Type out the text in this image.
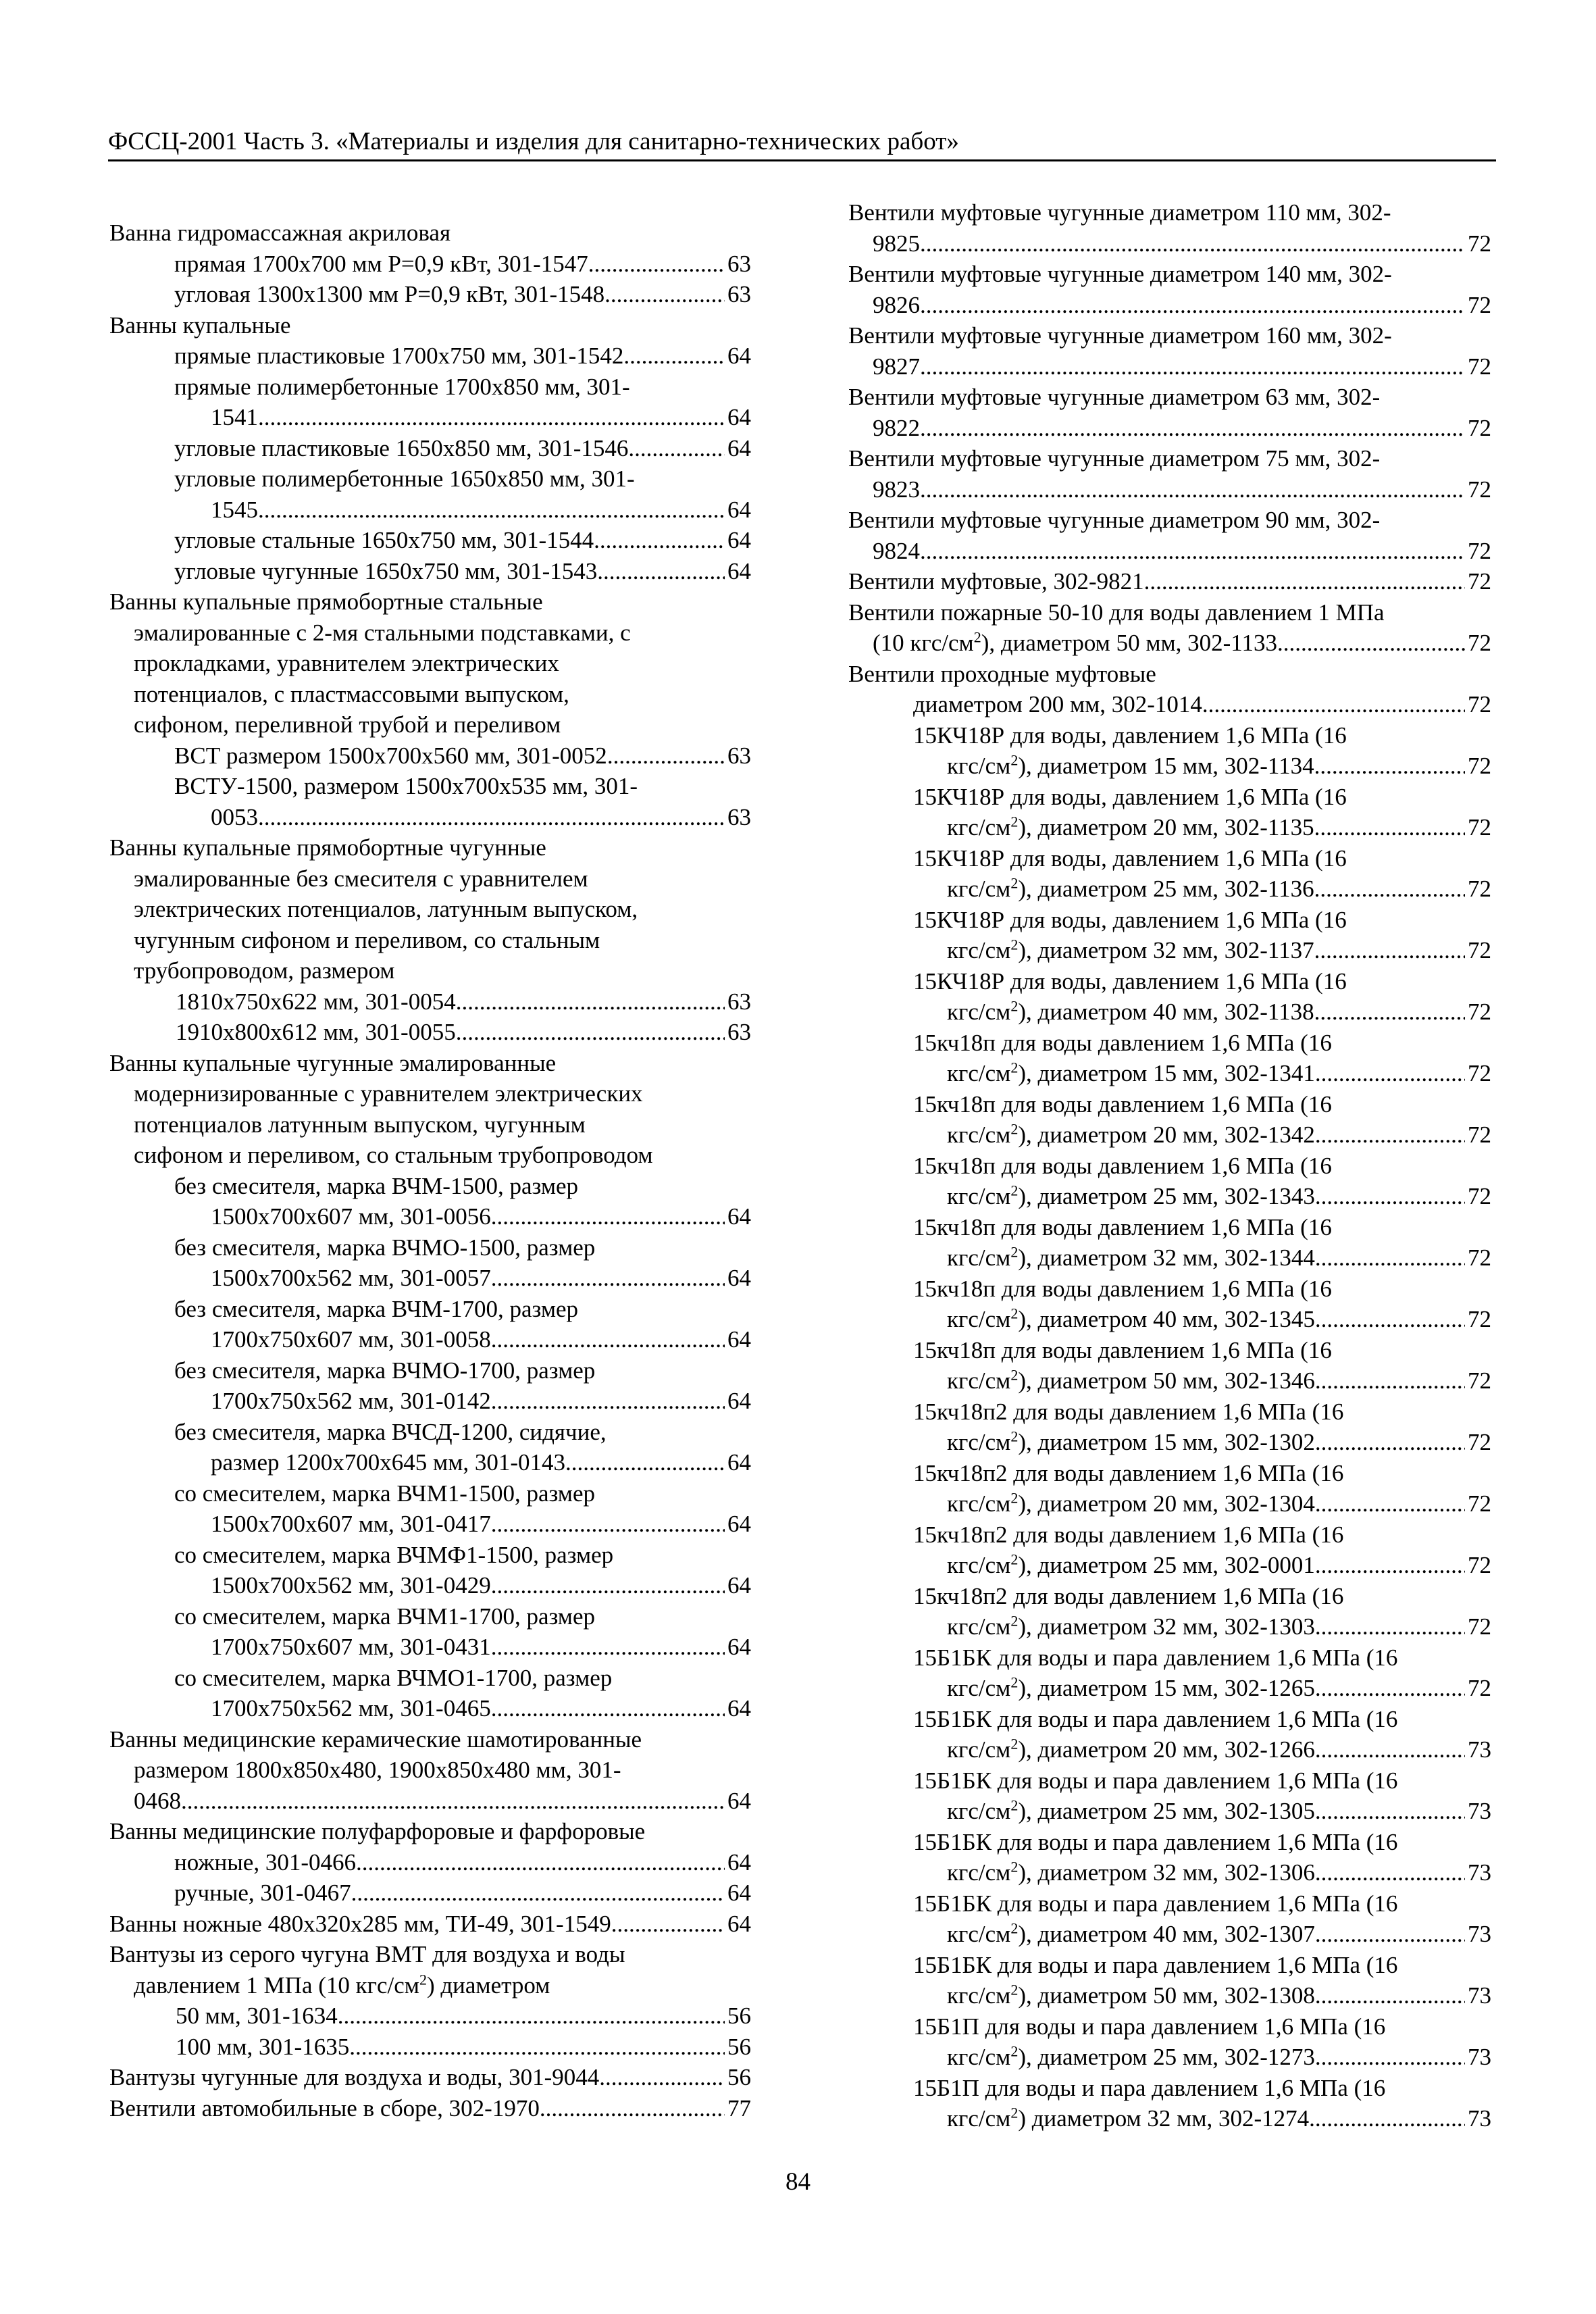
ФССЦ-2001 Часть 3. «Материалы и изделия для санитарно-технических работ»
Ванна гидромассажная акриловая
прямая 1700х700 мм Р=0,9 кВт, 301-1547 .....	63
угловая 1300х1300 мм Р=0,9 кВт, 301-1548 .....	63
Ванны купальные
прямые пластиковые 1700х750 мм, 301-1542 .....	64
прямые полимербетонные 1700х850 мм, 301-
1541 .....	64
угловые пластиковые 1650х850 мм, 301-1546 .....	64
угловые полимербетонные 1650х850 мм, 301-
1545 .....	64
угловые стальные 1650х750 мм, 301-1544 .....	64
угловые чугунные 1650х750 мм, 301-1543 .....	64
Ванны купальные прямобортные стальные
эмалированные с 2-мя стальными подставками, с
прокладками, уравнителем электрических
потенциалов, с пластмассовыми выпуском,
сифоном, переливной трубой и переливом
ВСТ размером 1500х700х560 мм, 301-0052 .....	63
ВСТУ-1500, размером 1500х700х535 мм, 301-
0053 .....	63
Ванны купальные прямобортные чугунные
эмалированные без смесителя с уравнителем
электрических потенциалов, латунным выпуском,
чугунным сифоном и переливом, со стальным
трубопроводом, размером
1810х750х622 мм, 301-0054 .....	63
1910х800х612 мм, 301-0055 .....	63
Ванны купальные чугунные эмалированные
модернизированные с уравнителем электрических
потенциалов латунным выпуском, чугунным
сифоном и переливом, со стальным трубопроводом
без смесителя, марка ВЧМ-1500, размер
1500х700х607 мм, 301-0056 .....	64
без смесителя, марка ВЧМО-1500, размер
1500х700х562 мм, 301-0057 .....	64
без смесителя, марка ВЧМ-1700, размер
1700х750х607 мм, 301-0058 .....	64
без смесителя, марка ВЧМО-1700, размер
1700х750х562 мм, 301-0142 .....	64
без смесителя, марка ВЧСД-1200, сидячие,
размер 1200х700х645 мм, 301-0143 .....	64
со смесителем, марка ВЧМ1-1500, размер
1500х700х607 мм, 301-0417 .....	64
со смесителем, марка ВЧМФ1-1500, размер
1500х700х562 мм, 301-0429 .....	64
со смесителем, марка ВЧМ1-1700, размер
1700х750х607 мм, 301-0431 .....	64
со смесителем, марка ВЧМО1-1700, размер
1700х750х562 мм, 301-0465 .....	64
Ванны медицинские керамические шамотированные
размером 1800х850х480, 1900х850х480 мм, 301-
0468 .....	64
Ванны медицинские полуфарфоровые и фарфоровые
ножные, 301-0466 .....	64
ручные, 301-0467 .....	64
Ванны ножные 480х320х285 мм, ТИ-49, 301-1549 .....	64
Вантузы из серого чугуна ВМТ для воздуха и воды
давлением 1 МПа (10 кгс/$см^2$) диаметром
50 мм, 301-1634 .....	56
100 мм, 301-1635 .....	56
Вантузы чугунные для воздуха и воды, 301-9044 .....	56
Вентили автомобильные в сборе, 302-1970 .....	77
Вентили муфтовые чугунные диаметром 110 мм, 302-
9825 .....	72
Вентили муфтовые чугунные диаметром 140 мм, 302-
9826 .....	72
Вентили муфтовые чугунные диаметром 160 мм, 302-
9827 .....	72
Вентили муфтовые чугунные диаметром 63 мм, 302-
9822 .....	72
Вентили муфтовые чугунные диаметром 75 мм, 302-
9823 .....	72
Вентили муфтовые чугунные диаметром 90 мм, 302-
9824 .....	72
Вентили муфтовые, 302-9821 .....	72
Вентили пожарные 50-10 для воды давлением 1 МПа
(10 кгс/$см^2$), диаметром 50 мм, 302-1133 .....	72
Вентили проходные муфтовые
диаметром 200 мм, 302-1014 .....	72
15КЧ18Р для воды, давлением 1,6 МПа (16
кгс/$см^2$), диаметром 15 мм, 302-1134 .....	72
15КЧ18Р для воды, давлением 1,6 МПа (16
кгс/$см^2$), диаметром 20 мм, 302-1135 .....	72
15КЧ18Р для воды, давлением 1,6 МПа (16
кгс/$см^2$), диаметром 25 мм, 302-1136 .....	72
15КЧ18Р для воды, давлением 1,6 МПа (16
кгс/$см^2$), диаметром 32 мм, 302-1137 .....	72
15КЧ18Р для воды, давлением 1,6 МПа (16
кгс/$см^2$), диаметром 40 мм, 302-1138 .....	72
15кч18п для воды давлением 1,6 МПа (16
кгс/$см^2$), диаметром 15 мм, 302-1341 .....	72
15кч18п для воды давлением 1,6 МПа (16
кгс/$см^2$), диаметром 20 мм, 302-1342 .....	72
15кч18п для воды давлением 1,6 МПа (16
кгс/$см^2$), диаметром 25 мм, 302-1343 .....	72
15кч18п для воды давлением 1,6 МПа (16
кгс/$см^2$), диаметром 32 мм, 302-1344 .....	72
15кч18п для воды давлением 1,6 МПа (16
кгс/$см^2$), диаметром 40 мм, 302-1345 .....	72
15кч18п для воды давлением 1,6 МПа (16
кгс/$см^2$), диаметром 50 мм, 302-1346 .....	72
15кч18п2 для воды давлением 1,6 МПа (16
кгс/$см^2$), диаметром 15 мм, 302-1302 .....	72
15кч18п2 для воды давлением 1,6 МПа (16
кгс/$см^2$), диаметром 20 мм, 302-1304 .....	72
15кч18п2 для воды давлением 1,6 МПа (16
кгс/$см^2$), диаметром 25 мм, 302-0001 .....	72
15кч18п2 для воды давлением 1,6 МПа (16
кгс/$см^2$), диаметром 32 мм, 302-1303 .....	72
15Б1БК для воды и пара давлением 1,6 МПа (16
кгс/$см^2$), диаметром 15 мм, 302-1265 .....	72
15Б1БК для воды и пара давлением 1,6 МПа (16
кгс/$см^2$), диаметром 20 мм, 302-1266 .....	73
15Б1БК для воды и пара давлением 1,6 МПа (16
кгс/$см^2$), диаметром 25 мм, 302-1305 .....	73
15Б1БК для воды и пара давлением 1,6 МПа (16
кгс/$см^2$), диаметром 32 мм, 302-1306 .....	73
15Б1БК для воды и пара давлением 1,6 МПа (16
кгс/$см^2$), диаметром 40 мм, 302-1307 .....	73
15Б1БК для воды и пара давлением 1,6 МПа (16
кгс/$см^2$), диаметром 50 мм, 302-1308 .....	73
15Б1П для воды и пара давлением 1,6 МПа (16
кгс/$см^2$), диаметром 25 мм, 302-1273 .....	73
15Б1П для воды и пара давлением 1,6 МПа (16
кгс/$см^2$) диаметром 32 мм, 302-1274 .....	73
84
